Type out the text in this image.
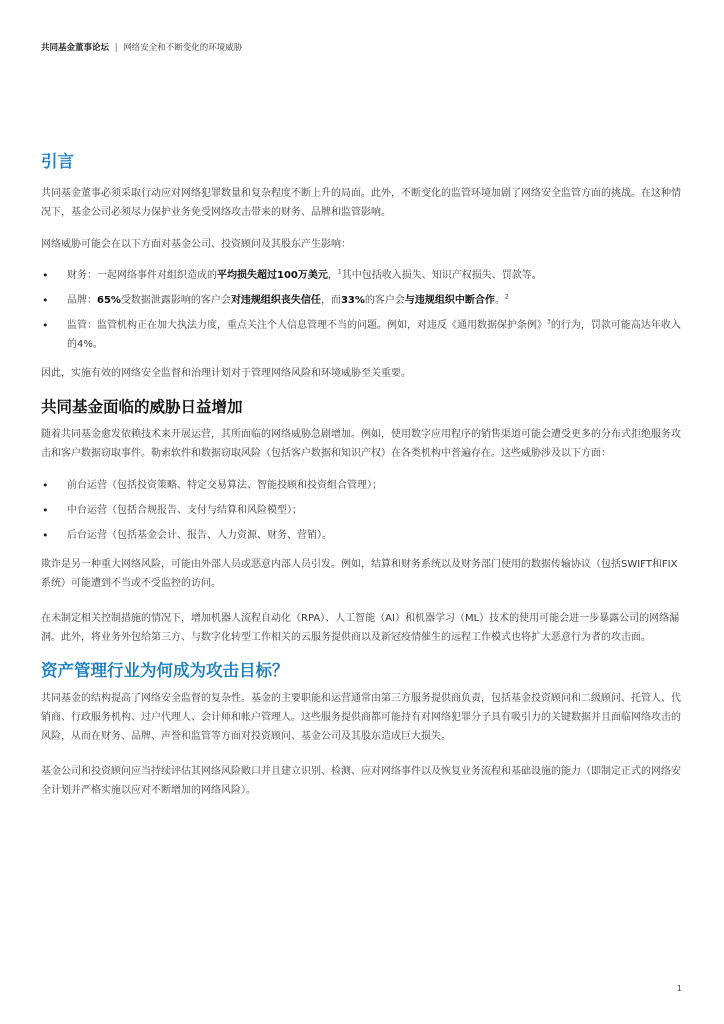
共同基金董事论坛 | 网络安全和不断变化的环境威胁
引言

共同基金董事必须采取行动应对网络犯罪数量和复杂程度不断上升的局面。此外，不断变化的监管环境加剧了网络安全监管方面的挑战。在这种情况下，基金公司必须尽力保护业务免受网络攻击带来的财务、品牌和监管影响。

网络威胁可能会在以下方面对基金公司、投资顾问及其股东产生影响：

• 财务：一起网络事件对组织造成的平均损失超过100万美元，$^1$其中包括收入损失、知识产权损失、罚款等。
• 品牌：65%受数据泄露影响的客户会对违规组织丧失信任，而33%的客户会与违规组织中断合作。$^2$
• 监管：监管机构正在加大执法力度，重点关注个人信息管理不当的问题。例如，对违反《通用数据保护条例》$^3$的行为，罚款可能高达年收入的4%。

因此，实施有效的网络安全监督和治理计划对于管理网络风险和环境威胁至关重要。

共同基金面临的威胁日益增加

随着共同基金愈发依赖技术来开展运营，其所面临的网络威胁急剧增加。例如，使用数字应用程序的销售渠道可能会遭受更多的分布式拒绝服务攻击和客户数据窃取事件。勒索软件和数据窃取风险（包括客户数据和知识产权）在各类机构中普遍存在。这些威胁涉及以下方面：

• 前台运营（包括投资策略、特定交易算法、智能投顾和投资组合管理）；
• 中台运营（包括合规报告、支付与结算和风险模型）；
• 后台运营（包括基金会计、报告、人力资源、财务、营销）。

欺诈是另一种重大网络风险，可能由外部人员或恶意内部人员引发。例如，结算和财务系统以及财务部门使用的数据传输协议（包括SWIFT和FIX系统）可能遭到不当或不受监控的访问。

在未制定相关控制措施的情况下，增加机器人流程自动化（RPA）、人工智能（AI）和机器学习（ML）技术的使用可能会进一步暴露公司的网络漏洞。此外，将业务外包给第三方、与数字化转型工作相关的云服务提供商以及新冠疫情催生的远程工作模式也将扩大恶意行为者的攻击面。

资产管理行业为何成为攻击目标？

共同基金的结构提高了网络安全监督的复杂性。基金的主要职能和运营通常由第三方服务提供商负责，包括基金投资顾问和二级顾问、托管人、代销商、行政服务机构、过户代理人、会计师和帐户管理人。这些服务提供商都可能持有对网络犯罪分子具有吸引力的关键数据并且面临网络攻击的风险，从而在财务、品牌、声誉和监管等方面对投资顾问、基金公司及其股东造成巨大损失。

基金公司和投资顾问应当持续评估其网络风险敞口并且建立识别、检测、应对网络事件以及恢复业务流程和基础设施的能力（即制定正式的网络安全计划并严格实施以应对不断增加的网络风险）。

1
